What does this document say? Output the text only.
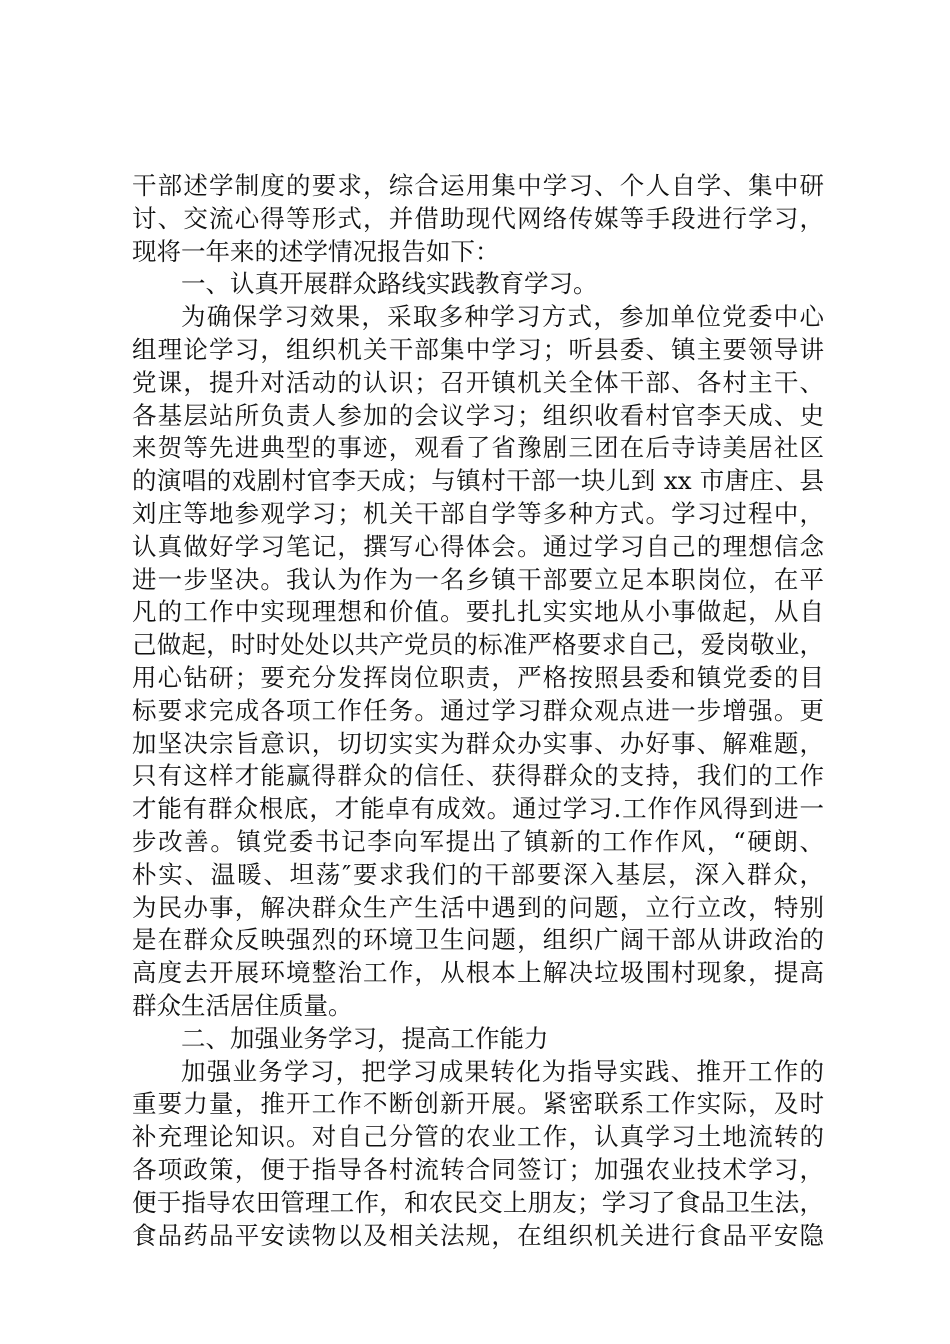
干部述学制度的要求，综合运用集中学习、个人自学、集中研
讨、交流心得等形式，并借助现代网络传媒等手段进行学习，
现将一年来的述学情况报告如下：
一、认真开展群众路线实践教育学习。
为确保学习效果，采取多种学习方式，参加单位党委中心
组理论学习，组织机关干部集中学习；听县委、镇主要领导讲
党课，提升对活动的认识；召开镇机关全体干部、各村主干、
各基层站所负责人参加的会议学习；组织收看村官李天成、史
来贺等先进典型的事迹，观看了省豫剧三团在后寺诗美居社区
的演唱的戏剧村官李天成；与镇村干部一块儿到 xx 市唐庄、县
刘庄等地参观学习；机关干部自学等多种方式。学习过程中，
认真做好学习笔记，撰写心得体会。通过学习自己的理想信念
进一步坚决。我认为作为一名乡镇干部要立足本职岗位，在平
凡的工作中实现理想和价值。要扎扎实实地从小事做起，从自
己做起，时时处处以共产党员的标准严格要求自己，爱岗敬业，
用心钻研；要充分发挥岗位职责，严格按照县委和镇党委的目
标要求完成各项工作任务。通过学习群众观点进一步增强。更
加坚决宗旨意识，切切实实为群众办实事、办好事、解难题，
只有这样才能赢得群众的信任、获得群众的支持，我们的工作
才能有群众根底，才能卓有成效。通过学习.工作作风得到进一
步改善。镇党委书记李向军提出了镇新的工作作风，“硬朗、
朴实、温暖、坦荡″要求我们的干部要深入基层，深入群众，
为民办事，解决群众生产生活中遇到的问题，立行立改，特别
是在群众反映强烈的环境卫生问题，组织广阔干部从讲政治的
高度去开展环境整治工作，从根本上解决垃圾围村现象，提高
群众生活居住质量。
二、加强业务学习，提高工作能力
加强业务学习，把学习成果转化为指导实践、推开工作的
重要力量，推开工作不断创新开展。紧密联系工作实际，及时
补充理论知识。对自己分管的农业工作，认真学习土地流转的
各项政策，便于指导各村流转合同签订；加强农业技术学习，
便于指导农田管理工作，和农民交上朋友；学习了食品卫生法，
食品药品平安读物以及相关法规，在组织机关进行食品平安隐
